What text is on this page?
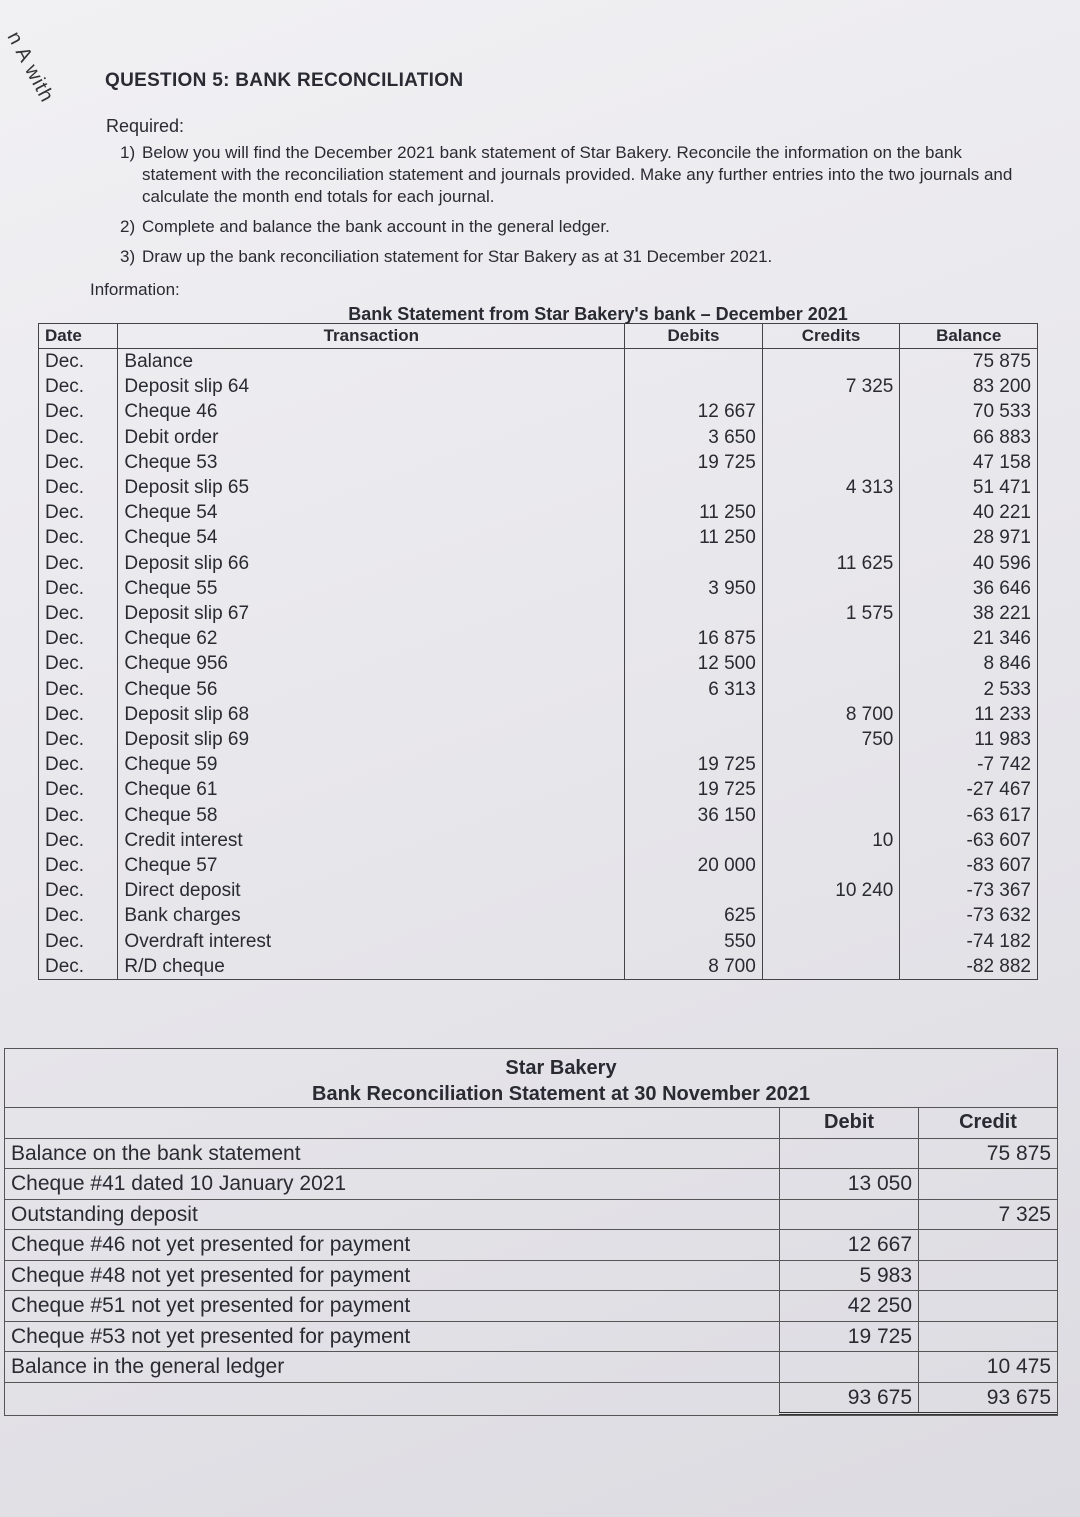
n A with QUESTION 5: BANK RECONCILIATION
Required:
1) Below you will find the December 2021 bank statement of Star Bakery. Reconcile the information on the bank statement with the reconciliation statement and journals provided. Make any further entries into the two journals and calculate the month end totals for each journal.
2) Complete and balance the bank account in the general ledger.
3) Draw up the bank reconciliation statement for Star Bakery as at 31 December 2021.
Information:
Bank Statement from Star Bakery's bank – December 2021
Date	Transaction	Debits	Credits	Balance
Dec.	Balance			75 875
Dec.	Deposit slip 64		7 325	83 200
Dec.	Cheque 46	12 667		70 533
Dec.	Debit order	3 650		66 883
Dec.	Cheque 53	19 725		47 158
Dec.	Deposit slip 65		4 313	51 471
Dec.	Cheque 54	11 250		40 221
Dec.	Cheque 54	11 250		28 971
Dec.	Deposit slip 66		11 625	40 596
Dec.	Cheque 55	3 950		36 646
Dec.	Deposit slip 67		1 575	38 221
Dec.	Cheque 62	16 875		21 346
Dec.	Cheque 956	12 500		8 846
Dec.	Cheque 56	6 313		2 533
Dec.	Deposit slip 68		8 700	11 233
Dec.	Deposit slip 69		750	11 983
Dec.	Cheque 59	19 725		-7 742
Dec.	Cheque 61	19 725		-27 467
Dec.	Cheque 58	36 150		-63 617
Dec.	Credit interest		10	-63 607
Dec.	Cheque 57	20 000		-83 607
Dec.	Direct deposit		10 240	-73 367
Dec.	Bank charges	625		-73 632
Dec.	Overdraft interest	550		-74 182
Dec.	R/D cheque	8 700		-82 882
Star Bakery
Bank Reconciliation Statement at 30 November 2021
	Debit	Credit
Balance on the bank statement		75 875
Cheque #41 dated 10 January 2021	13 050	
Outstanding deposit		7 325
Cheque #46 not yet presented for payment	12 667	
Cheque #48 not yet presented for payment	5 983	
Cheque #51 not yet presented for payment	42 250	
Cheque #53 not yet presented for payment	19 725	
Balance in the general ledger		10 475
	93 675	93 675
